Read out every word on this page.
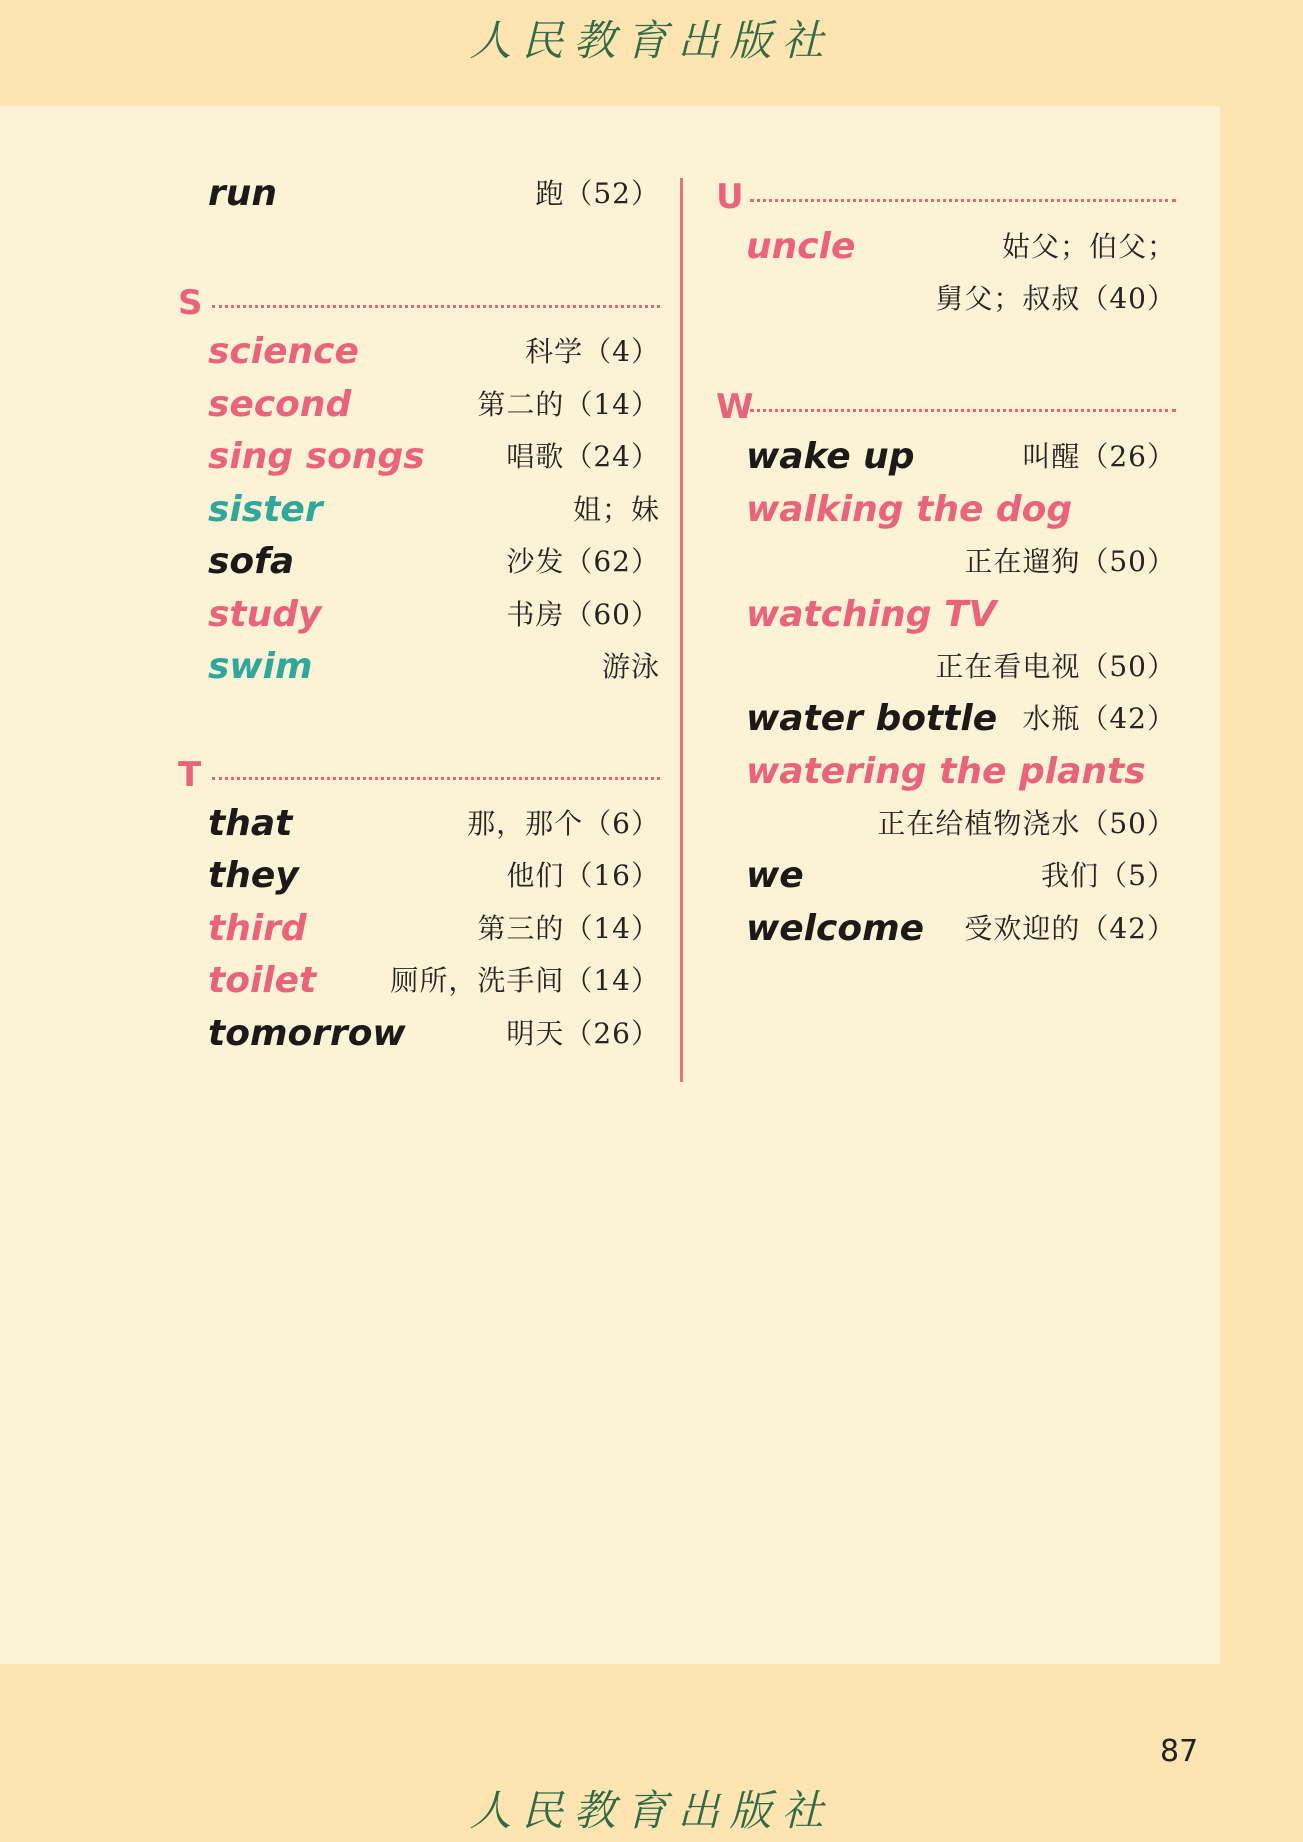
人民教育出版社
run	跑（52）
S
science	科学（4）
second	第二的（14）
sing songs	唱歌（24）
sister	姐；妹
sofa	沙发（62）
study	书房（60）
swim	游泳
T
that	那，那个（6）
they	他们（16）
third	第三的（14）
toilet	厕所，洗手间（14）
tomorrow	明天（26）
U
uncle	姑父；伯父；
舅父；叔叔（40）
W
wake up	叫醒（26）
walking the dog
正在遛狗（50）
watching TV
正在看电视（50）
water bottle 水瓶（42）
watering the plants
正在给植物浇水（50）
we	我们（5）
welcome 受欢迎的（42）
87
人民教育出版社
